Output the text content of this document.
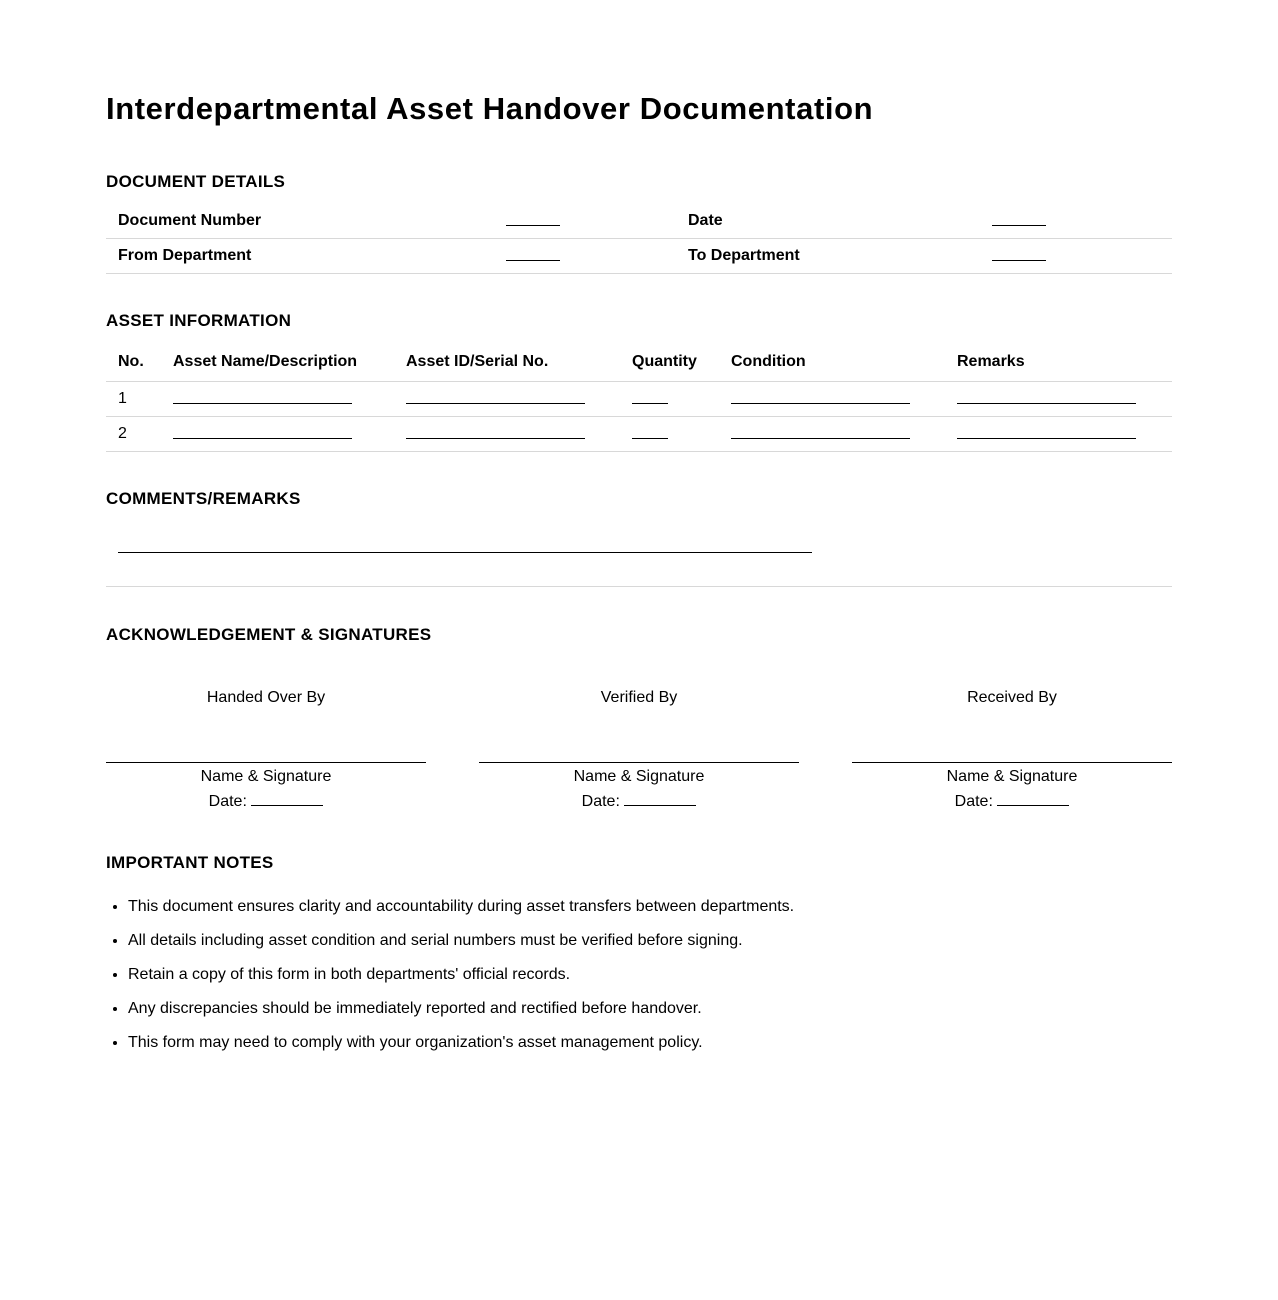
Interdepartmental Asset Handover Documentation
DOCUMENT DETAILS
Document Number		Date	
From Department		To Department	
ASSET INFORMATION
No.	Asset Name/Description	Asset ID/Serial No.	Quantity	Condition	Remarks
1					
2					
COMMENTS/REMARKS
ACKNOWLEDGEMENT & SIGNATURES
Handed Over By
Name & Signature
Date:
Verified By
Name & Signature
Date:
Received By
Name & Signature
Date:
IMPORTANT NOTES
• This document ensures clarity and accountability during asset transfers between departments.
• All details including asset condition and serial numbers must be verified before signing.
• Retain a copy of this form in both departments' official records.
• Any discrepancies should be immediately reported and rectified before handover.
• This form may need to comply with your organization's asset management policy.
